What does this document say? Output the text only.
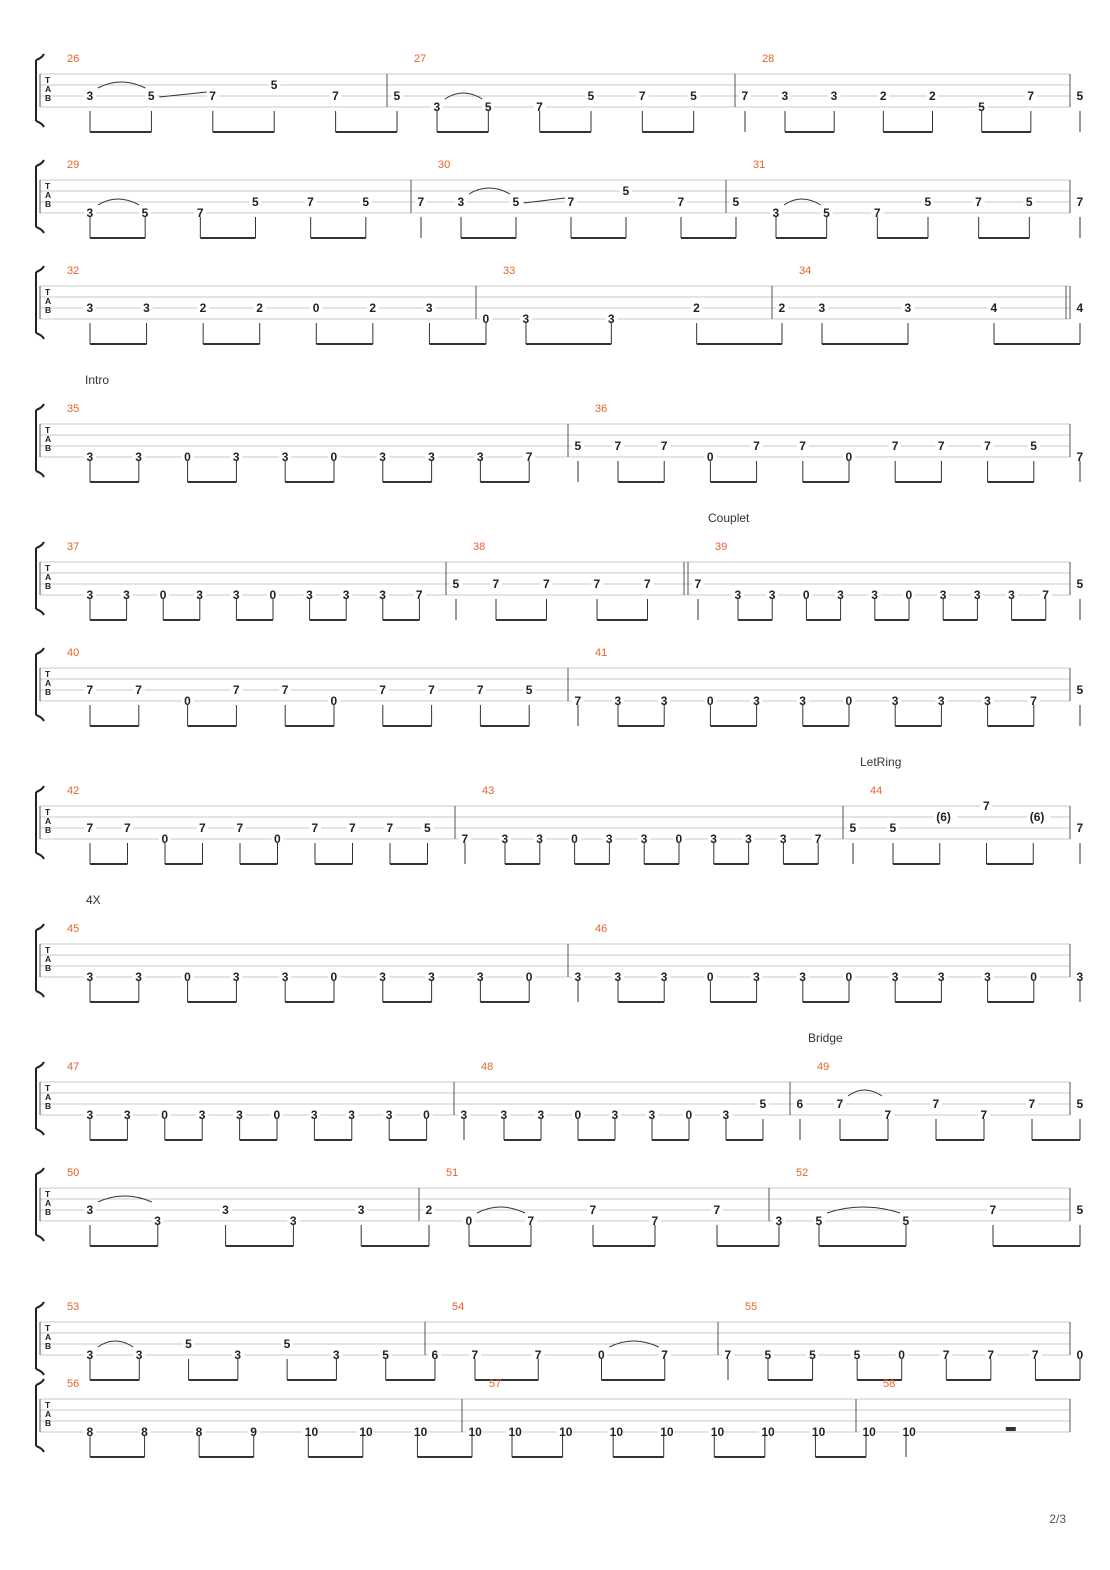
T
A
B
26
3	5	7
5
7	5
27
3	5	7
5	7	5	7
28
3	3	2	2
5
7	5
T
A
B
29
3	5	7
5	7	5	7
30
3	5	7
5
7	5
31
3	5	7
5	7	5	7
T
A
B
32
3	3	2	2	0	2	3
0
33
3	3
2	2
34
3	3	4	4
T
A
B
Intro
35
3	3	0	3	3	0	3	3	3	7
5
36
7	7
0
7	7
0
7	7	7	5
7
T
A
B
Couplet
37
3 3 0 3 3 0 3 3 3 7
5
38
7	7	7	7	7
39
3 3 0 3 3 0 3 3 3 7
5
T
A
B
40
7	7
0
7	7
0
7	7	7	5
7
41
3	3	0	3	3	0	3	3	3	7
5
T
A
B
LetRing
42
7	7
0
7	7
0
7	7	7	5
7
43
3 3 0 3 3 0 3 3 3 7
5
44
5
(6)
7
(6)
7
T
A
B
4X
45
3	3	0	3	3	0	3	3	3	0	3
46
3	3	0	3	3	0	3	3	3	0	3
T
A
B
Bridge
47
3	3	0	3	3	0	3	3	3	0	3
48
3	3	0	3	3	0	3
5	6
49
7
7
7
7
7	5
T
A
B
50
3
3
3
3
3	2
51
0	7
7
7
7
3
52
5	5
7	5
T
A
B
53
3	3
5
3
5
3	5	6
54
7	7	0	7	7
55
5	5	5	0	7	7	7	0
T
A
B
56
8	8	8	9	10	10	10	10
57
10	10	10	10	10	10	10	10
58
10
2/3
